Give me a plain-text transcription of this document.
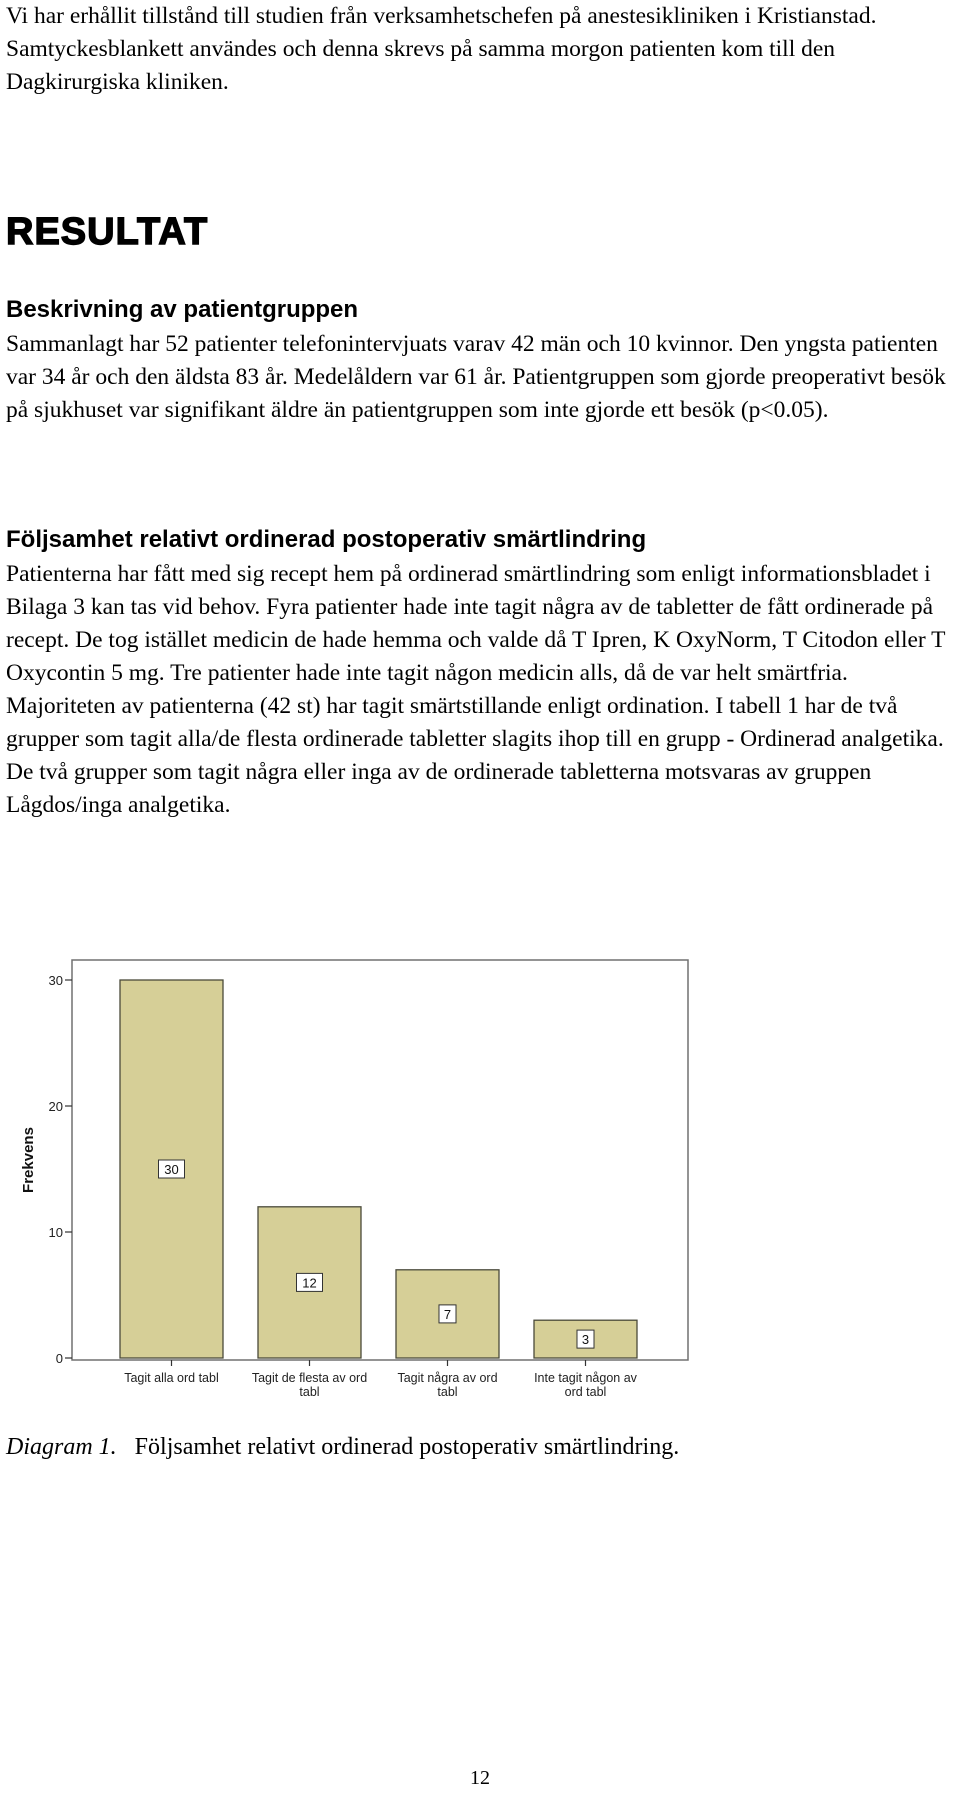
Vi har erhållit tillstånd till studien från verksamhetschefen på anestesikliniken i Kristianstad. Samtyckesblankett användes och denna skrevs på samma morgon patienten kom till den Dagkirurgiska kliniken.

RESULTAT
Beskrivning av patientgruppen

Sammanlagt har 52 patienter telefonintervjuats varav 42 män och 10 kvinnor. Den yngsta patienten var 34 år och den äldsta 83 år. Medelåldern var 61 år. Patientgruppen som gjorde preoperativt besök på sjukhuset var signifikant äldre än patientgruppen som inte gjorde ett besök (p<0.05).

Följsamhet relativt ordinerad postoperativ smärtlindring

Patienterna har fått med sig recept hem på ordinerad smärtlindring som enligt informationsbladet i Bilaga 3 kan tas vid behov. Fyra patienter hade inte tagit några av de tabletter de fått ordinerade på recept. De tog istället medicin de hade hemma och valde då T Ipren, K OxyNorm, T Citodon eller T Oxycontin 5 mg. Tre patienter hade inte tagit någon medicin alls, då de var helt smärtfria. Majoriteten av patienterna (42 st) har tagit smärtstillande enligt ordination. I tabell 1 har de två grupper som tagit alla/de flesta ordinerade tabletter slagits ihop till en grupp - Ordinerad analgetika. De två grupper som tagit några eller inga av de ordinerade tabletterna motsvaras av gruppen Lågdos/inga analgetika.

30
12
7
3
0
10
20
30
Frekvens
Tagit alla ord tabl	Tagit de flesta av ord
tabl
Tagit några av ord
tabl
Inte tagit någon av
ord tabl

Diagram 1. Följsamhet relativt ordinerad postoperativ smärtlindring.

12
